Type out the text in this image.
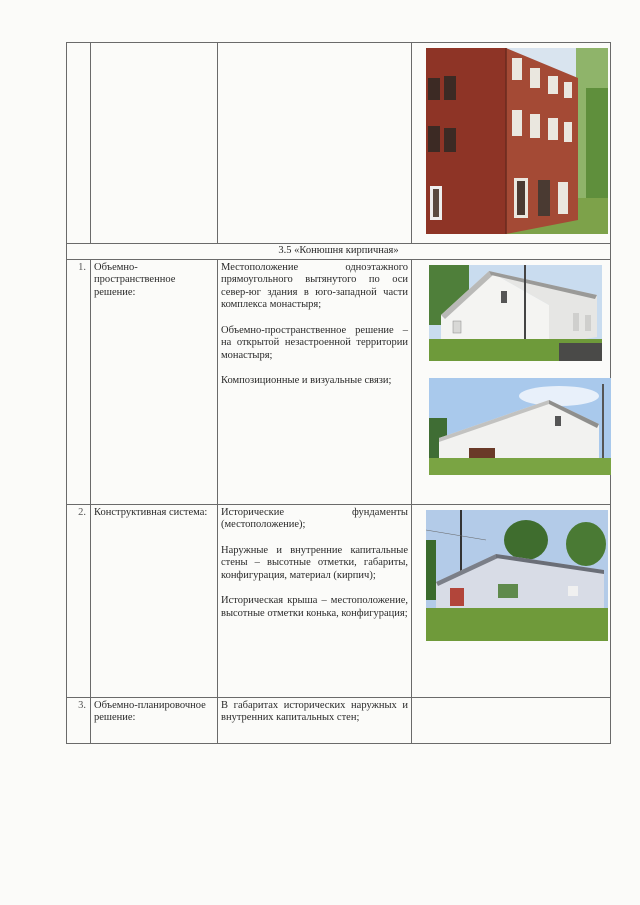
3.5 «Конюшня кирпичная»			
1.	Объемно-пространственное решение:	Местоположение одноэтажного прямоугольного вытянутого по оси север-юг здания в юго-западной части комплекса монастыря;

Объемно-пространственное решение – на открытой незастроенной территории монастыря;

Композиционные и визуальные связи;

2.	Конструктивная система:	Исторические фундаменты (местоположение);

Наружные и внутренние капитальные стены – высотные отметки, габариты, конфигурация, материал (кирпич);

Историческая крыша – местоположение, высотные отметки конька, конфигурация;

3.	Объемно-планировочное решение:	В габаритах исторических наружных и внутренних капитальных стен;	
